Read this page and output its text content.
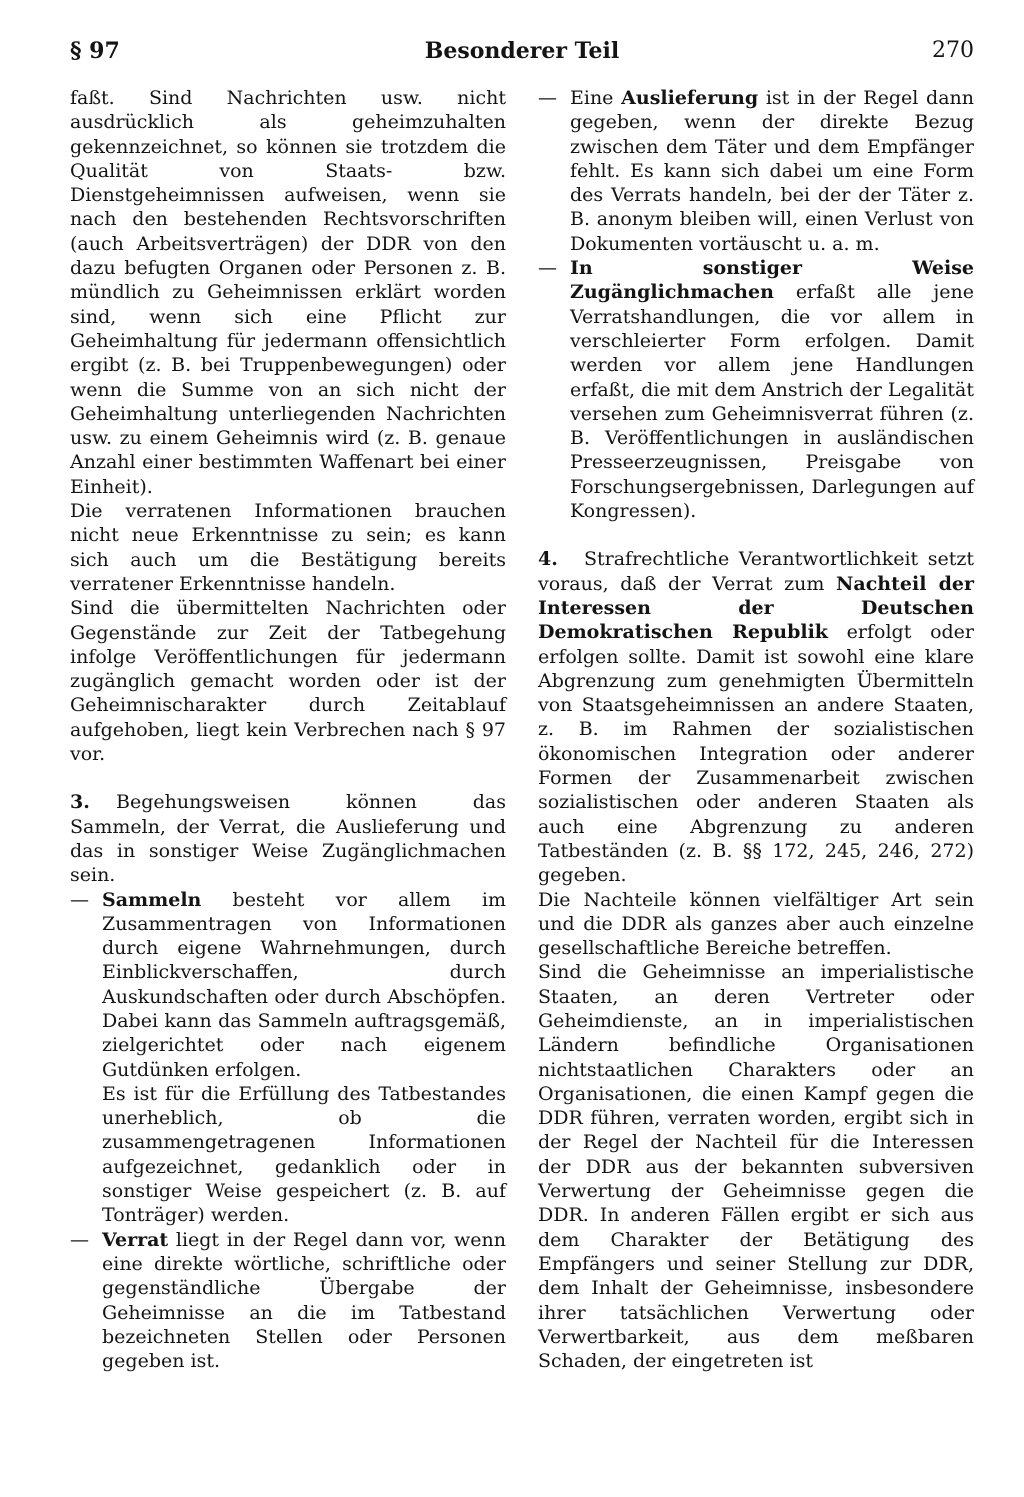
§ 97	Besonderer Teil	270

faßt. Sind Nachrichten usw. nicht ausdrücklich als geheimzuhalten gekennzeichnet, so können sie trotzdem die Qualität von Staats- bzw. Dienstgeheimnissen aufweisen, wenn sie nach den bestehenden Rechtsvorschriften (auch Arbeitsverträgen) der DDR von den dazu befugten Organen oder Personen z. B. mündlich zu Geheimnissen erklärt worden sind, wenn sich eine Pflicht zur Geheimhaltung für jedermann offensichtlich ergibt (z. B. bei Truppenbewegungen) oder wenn die Summe von an sich nicht der Geheimhaltung unterliegenden Nachrichten usw. zu einem Geheimnis wird (z. B. genaue Anzahl einer bestimmten Waffenart bei einer Einheit).

Die verratenen Informationen brauchen nicht neue Erkenntnisse zu sein; es kann sich auch um die Bestätigung bereits verratener Erkenntnisse handeln.

Sind die übermittelten Nachrichten oder Gegenstände zur Zeit der Tatbegehung infolge Veröffentlichungen für jedermann zugänglich gemacht worden oder ist der Geheimnischarakter durch Zeitablauf aufgehoben, liegt kein Verbrechen nach § 97 vor.

3. Begehungsweisen können das Sammeln, der Verrat, die Auslieferung und das in sonstiger Weise Zugänglichmachen sein.

— Sammeln besteht vor allem im Zusammentragen von Informationen durch eigene Wahrnehmungen, durch Einblickverschaffen, durch Auskundschaften oder durch Abschöpfen. Dabei kann das Sammeln auftragsgemäß, zielgerichtet oder nach eigenem Gutdünken erfolgen.

Es ist für die Erfüllung des Tatbestandes unerheblich, ob die zusammengetragenen Informationen aufgezeichnet, gedanklich oder in sonstiger Weise gespeichert (z. B. auf Tonträger) werden.

— Verrat liegt in der Regel dann vor, wenn eine direkte wörtliche, schriftliche oder gegenständliche Übergabe der Geheimnisse an die im Tatbestand bezeichneten Stellen oder Personen gegeben ist.

— Eine Auslieferung ist in der Regel dann gegeben, wenn der direkte Bezug zwischen dem Täter und dem Empfänger fehlt. Es kann sich dabei um eine Form des Verrats handeln, bei der der Täter z. B. anonym bleiben will, einen Verlust von Dokumenten vortäuscht u. a. m.

— In sonstiger Weise Zugänglichmachen erfaßt alle jene Verratshandlungen, die vor allem in verschleierter Form erfolgen. Damit werden vor allem jene Handlungen erfaßt, die mit dem Anstrich der Legalität versehen zum Geheimnisverrat führen (z. B. Veröffentlichungen in ausländischen Presseerzeugnissen, Preisgabe von Forschungsergebnissen, Darlegungen auf Kongressen).

4. Strafrechtliche Verantwortlichkeit setzt voraus, daß der Verrat zum Nachteil der Interessen der Deutschen Demokratischen Republik erfolgt oder erfolgen sollte. Damit ist sowohl eine klare Abgrenzung zum genehmigten Übermitteln von Staatsgeheimnissen an andere Staaten, z. B. im Rahmen der sozialistischen ökonomischen Integration oder anderer Formen der Zusammenarbeit zwischen sozialistischen oder anderen Staaten als auch eine Abgrenzung zu anderen Tatbeständen (z. B. §§ 172, 245, 246, 272) gegeben.

Die Nachteile können vielfältiger Art sein und die DDR als ganzes aber auch einzelne gesellschaftliche Bereiche betreffen.

Sind die Geheimnisse an imperialistische Staaten, an deren Vertreter oder Geheimdienste, an in imperialistischen Ländern befindliche Organisationen nichtstaatlichen Charakters oder an Organisationen, die einen Kampf gegen die DDR führen, verraten worden, ergibt sich in der Regel der Nachteil für die Interessen der DDR aus der bekannten subversiven Verwertung der Geheimnisse gegen die DDR. In anderen Fällen ergibt er sich aus dem Charakter der Betätigung des Empfängers und seiner Stellung zur DDR, dem Inhalt der Geheimnisse, insbesondere ihrer tatsächlichen Verwertung oder Verwertbarkeit, aus dem meßbaren Schaden, der eingetreten ist
